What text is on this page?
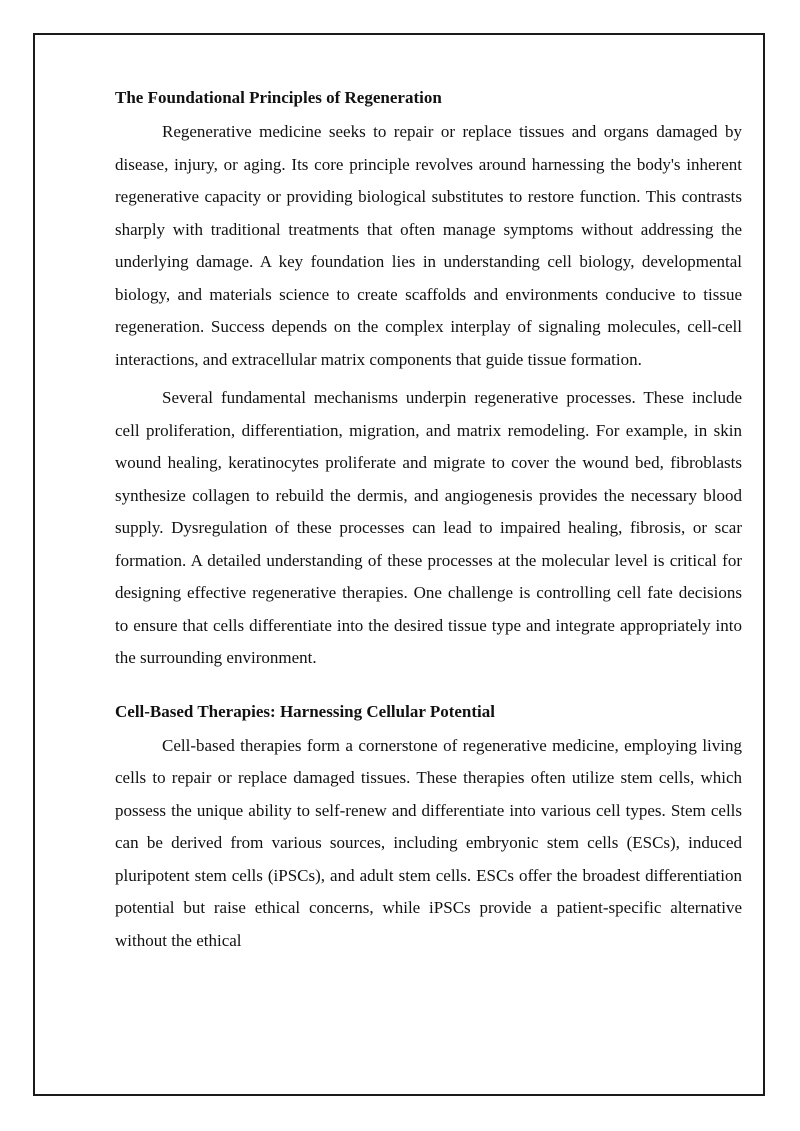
The Foundational Principles of Regeneration

Regenerative medicine seeks to repair or replace tissues and organs damaged by disease, injury, or aging. Its core principle revolves around harnessing the body's inherent regenerative capacity or providing biological substitutes to restore function. This contrasts sharply with traditional treatments that often manage symptoms without addressing the underlying damage. A key foundation lies in understanding cell biology, developmental biology, and materials science to create scaffolds and environments conducive to tissue regeneration. Success depends on the complex interplay of signaling molecules, cell-cell interactions, and extracellular matrix components that guide tissue formation.

Several fundamental mechanisms underpin regenerative processes. These include cell proliferation, differentiation, migration, and matrix remodeling. For example, in skin wound healing, keratinocytes proliferate and migrate to cover the wound bed, fibroblasts synthesize collagen to rebuild the dermis, and angiogenesis provides the necessary blood supply. Dysregulation of these processes can lead to impaired healing, fibrosis, or scar formation. A detailed understanding of these processes at the molecular level is critical for designing effective regenerative therapies. One challenge is controlling cell fate decisions to ensure that cells differentiate into the desired tissue type and integrate appropriately into the surrounding environment.

Cell-Based Therapies: Harnessing Cellular Potential

Cell-based therapies form a cornerstone of regenerative medicine, employing living cells to repair or replace damaged tissues. These therapies often utilize stem cells, which possess the unique ability to self-renew and differentiate into various cell types. Stem cells can be derived from various sources, including embryonic stem cells (ESCs), induced pluripotent stem cells (iPSCs), and adult stem cells. ESCs offer the broadest differentiation potential but raise ethical concerns, while iPSCs provide a patient-specific alternative without the ethical
